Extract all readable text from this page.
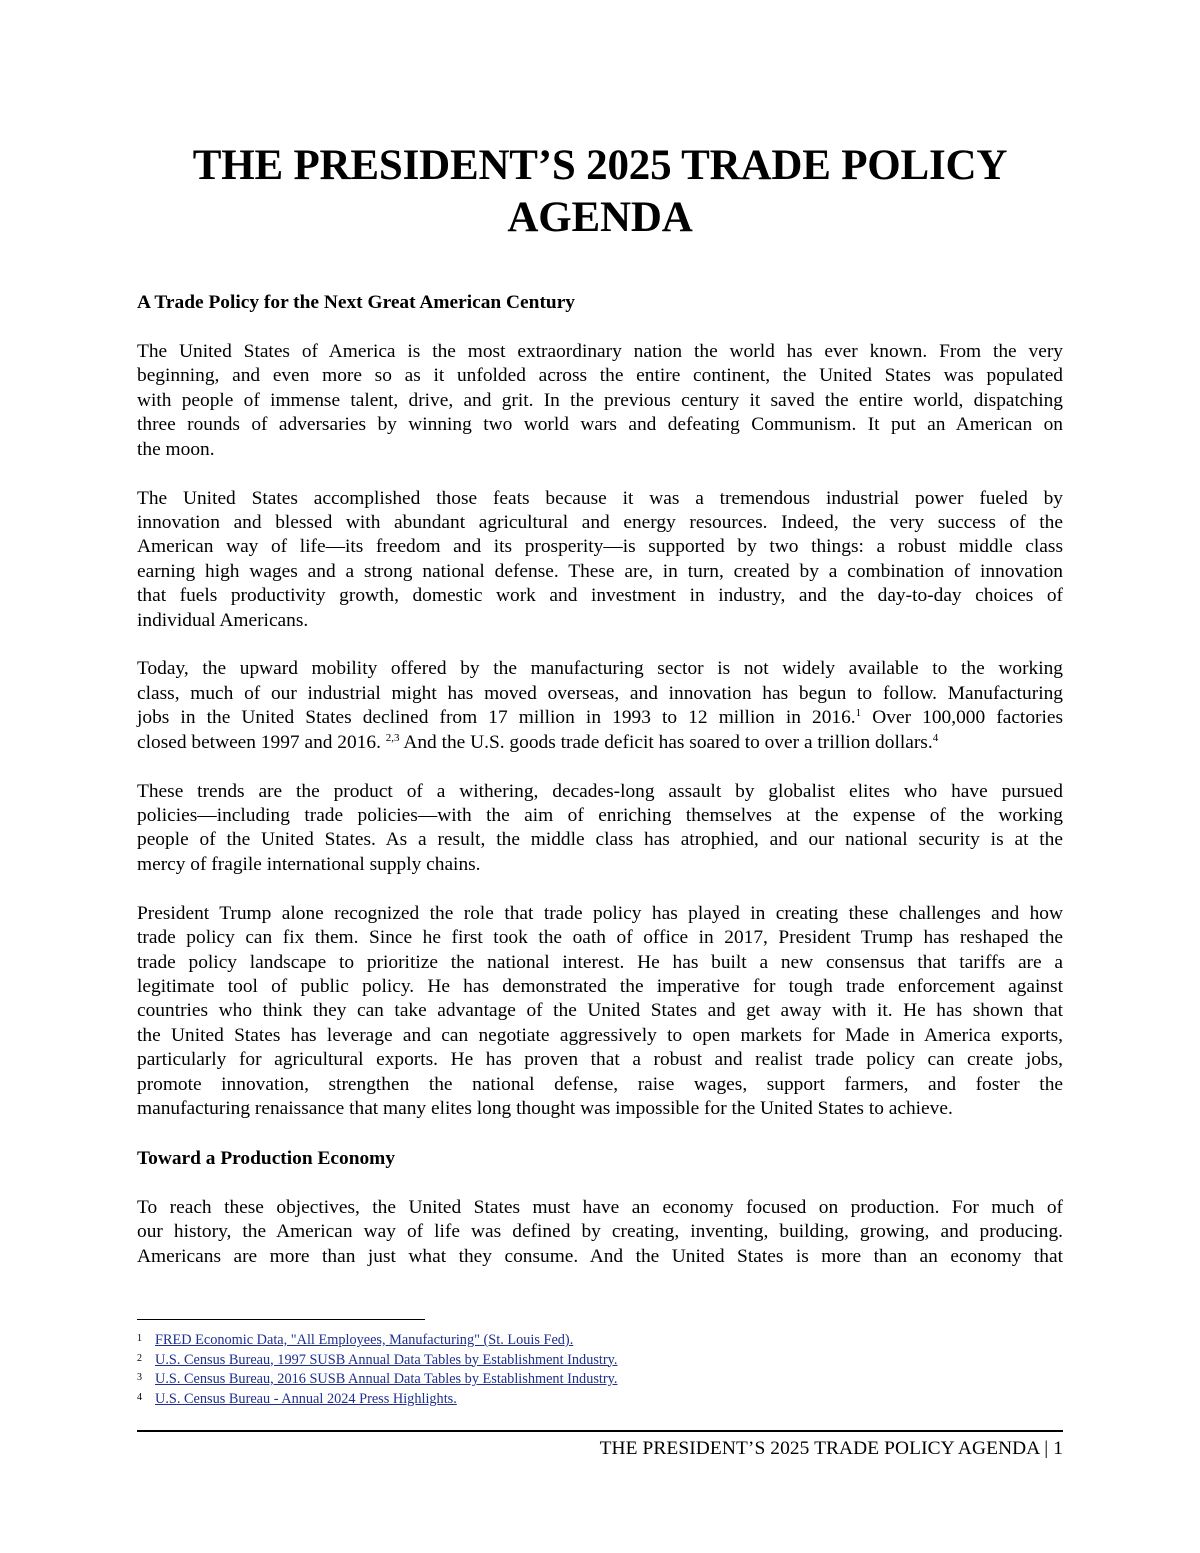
THE PRESIDENT’S 2025 TRADE POLICY
AGENDA
A Trade Policy for the Next Great American Century
The United States of America is the most extraordinary nation the world has ever known. From the very
beginning, and even more so as it unfolded across the entire continent, the United States was populated
with people of immense talent, drive, and grit. In the previous century it saved the entire world, dispatching
three rounds of adversaries by winning two world wars and defeating Communism. It put an American on
the moon.
The United States accomplished those feats because it was a tremendous industrial power fueled by
innovation and blessed with abundant agricultural and energy resources. Indeed, the very success of the
American way of life—its freedom and its prosperity—is supported by two things: a robust middle class
earning high wages and a strong national defense. These are, in turn, created by a combination of innovation
that fuels productivity growth, domestic work and investment in industry, and the day-to-day choices of
individual Americans.
Today, the upward mobility offered by the manufacturing sector is not widely available to the working
class, much of our industrial might has moved overseas, and innovation has begun to follow. Manufacturing
jobs in the United States declined from 17 million in 1993 to 12 million in 2016.$^1$ Over 100,000 factories
closed between 1997 and 2016. $^{2,3}$ And the U.S. goods trade deficit has soared to over a trillion dollars.$^4$
These trends are the product of a withering, decades-long assault by globalist elites who have pursued
policies—including trade policies—with the aim of enriching themselves at the expense of the working
people of the United States. As a result, the middle class has atrophied, and our national security is at the
mercy of fragile international supply chains.
President Trump alone recognized the role that trade policy has played in creating these challenges and how
trade policy can fix them. Since he first took the oath of office in 2017, President Trump has reshaped the
trade policy landscape to prioritize the national interest. He has built a new consensus that tariffs are a
legitimate tool of public policy. He has demonstrated the imperative for tough trade enforcement against
countries who think they can take advantage of the United States and get away with it. He has shown that
the United States has leverage and can negotiate aggressively to open markets for Made in America exports,
particularly for agricultural exports. He has proven that a robust and realist trade policy can create jobs,
promote innovation, strengthen the national defense, raise wages, support farmers, and foster the
manufacturing renaissance that many elites long thought was impossible for the United States to achieve.
Toward a Production Economy
To reach these objectives, the United States must have an economy focused on production. For much of
our history, the American way of life was defined by creating, inventing, building, growing, and producing.
Americans are more than just what they consume. And the United States is more than an economy that
1 FRED Economic Data, "All Employees, Manufacturing" (St. Louis Fed).
2 U.S. Census Bureau, 1997 SUSB Annual Data Tables by Establishment Industry.
3 U.S. Census Bureau, 2016 SUSB Annual Data Tables by Establishment Industry.
4 U.S. Census Bureau - Annual 2024 Press Highlights.
THE PRESIDENT’S 2025 TRADE POLICY AGENDA | 1
